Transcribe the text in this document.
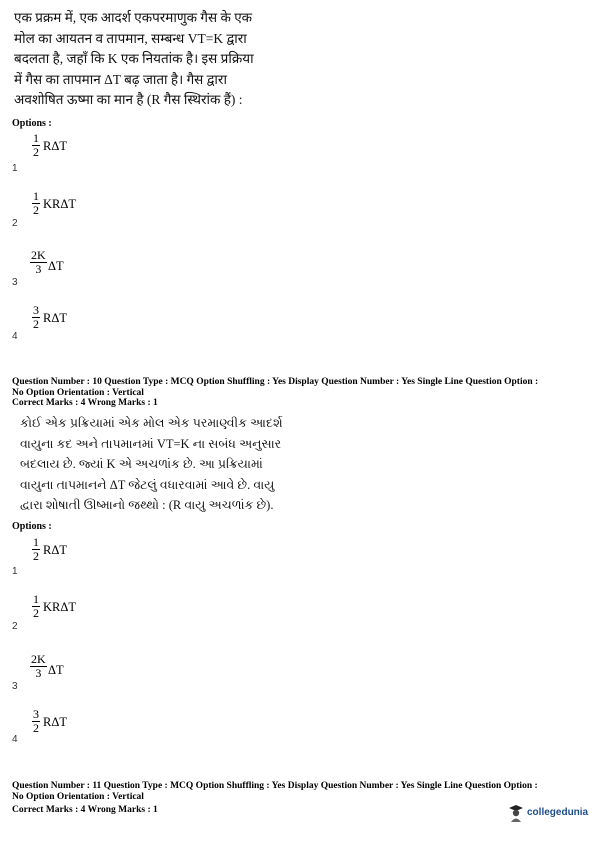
एक प्रक्रम में, एक आदर्श एकपरमाणुक गैस के एक
मोल का आयतन व तापमान, सम्बन्ध VT=K द्वारा
बदलता है, जहाँ कि K एक नियतांक है। इस प्रक्रिया
में गैस का तापमान ΔT बढ़ जाता है। गैस द्वारा
अवशोषित ऊष्मा का मान है (R गैस स्थिरांक हैं) :
Options :
1
2 RΔT
1
1
2 KRΔT
2
2K
3 ΔT
3
3
2 RΔT
4
Question Number : 10 Question Type : MCQ Option Shuffling : Yes Display Question Number : Yes Single Line Question Option :
No Option Orientation : Vertical
Correct Marks : 4 Wrong Marks : 1
કોઈ એક પ્રક્રિયામાં એક મોલ એક પરમાણ્વીક આદર્શ
વાયુના કદ અને તાપમાનમાં VT=K ના સબંધ અનુસાર
બદલાય છે. જ્યાં K એ અચળાંક છે. આ પ્રક્રિયામાં
વાયુના તાપમાનને ΔT જેટલું વધારવામાં આવે છે. વાયુ
દ્વારા શોષાતી ઊષ્માનો જથ્થો : (R વાયુ અચળાંક છે).
Options :
1
2 RΔT
1
1
2 KRΔT
2
2K
3 ΔT
3
3
2 RΔT
4
Question Number : 11 Question Type : MCQ Option Shuffling : Yes Display Question Number : Yes Single Line Question Option :
No Option Orientation : Vertical
Correct Marks : 4 Wrong Marks : 1	collegedunia
